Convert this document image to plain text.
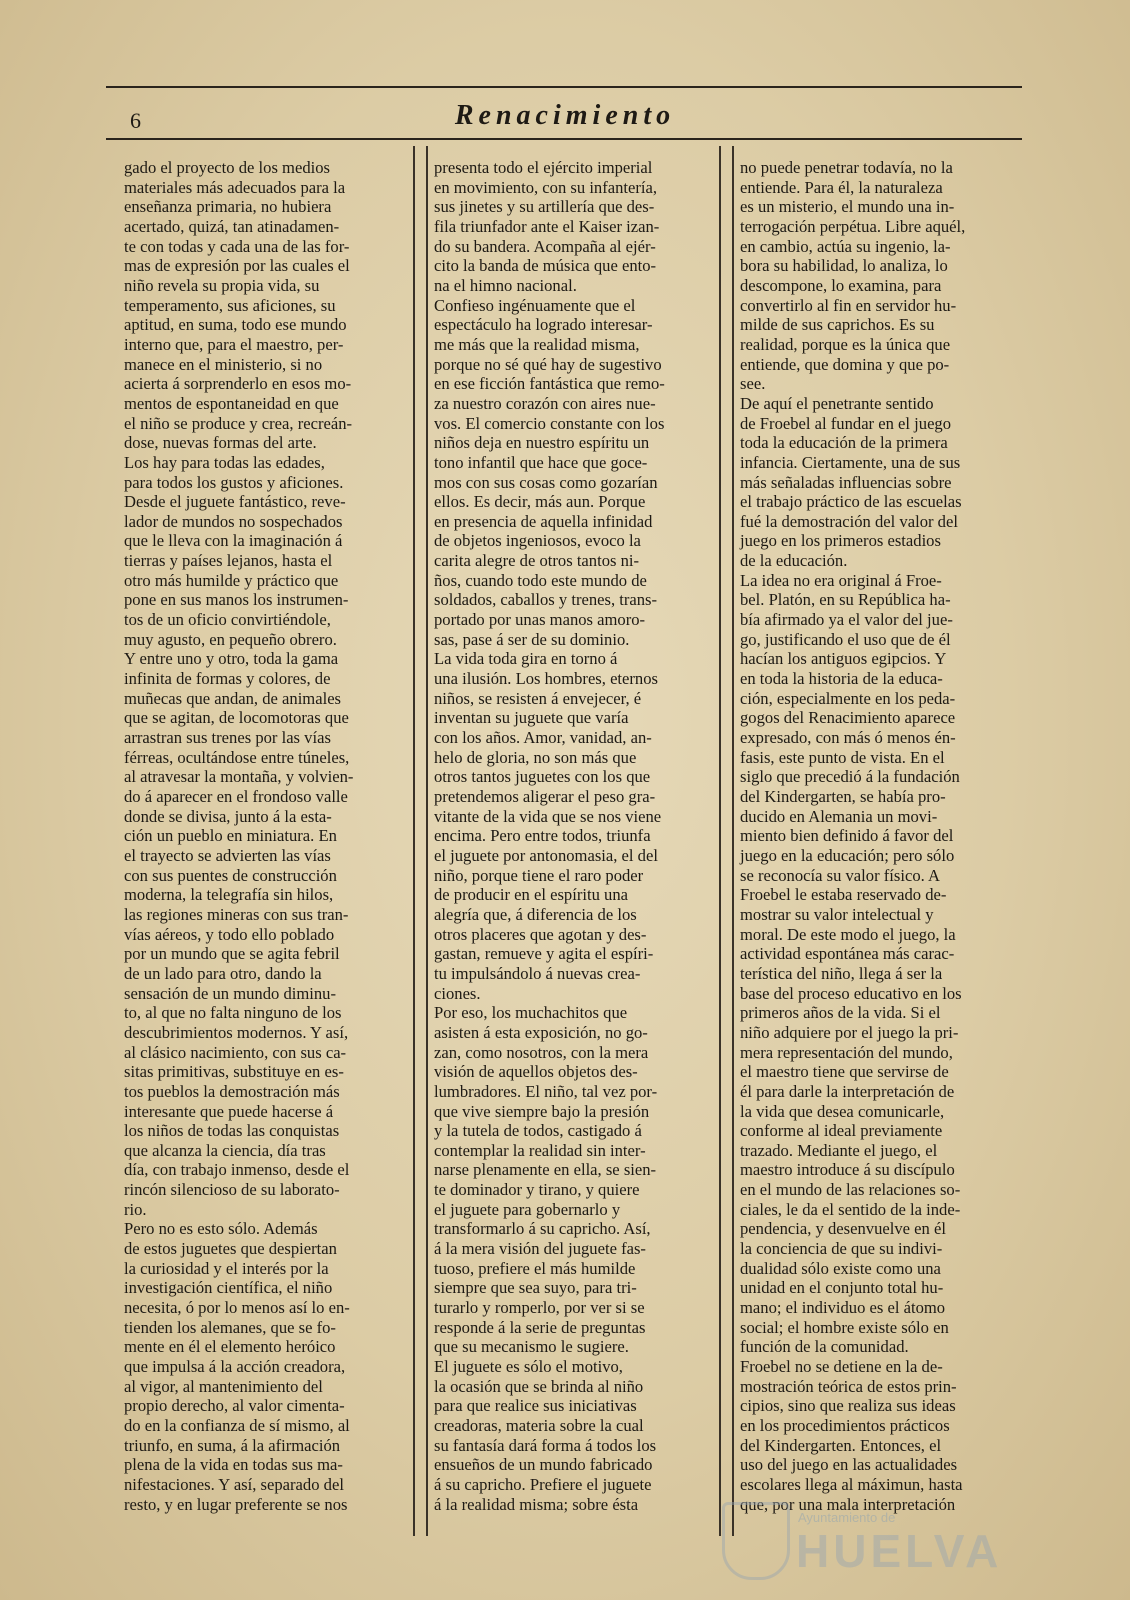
6	Renacimiento

gado el proyecto de los medios

materiales más adecuados para la

enseñanza primaria, no hubiera

acertado, quizá, tan atinadamen-

te con todas y cada una de las for-

mas de expresión por las cuales el

niño revela su propia vida, su

temperamento, sus aficiones, su

aptitud, en suma, todo ese mundo

interno que, para el maestro, per-

manece en el ministerio, si no

acierta á sorprenderlo en esos mo-

mentos de espontaneidad en que

el niño se produce y crea, recreán-

dose, nuevas formas del arte.

Los hay para todas las edades,

para todos los gustos y aficiones.

Desde el juguete fantástico, reve-

lador de mundos no sospechados

que le lleva con la imaginación á

tierras y países lejanos, hasta el

otro más humilde y práctico que

pone en sus manos los instrumen-

tos de un oficio convirtiéndole,

muy agusto, en pequeño obrero.

Y entre uno y otro, toda la gama

infinita de formas y colores, de

muñecas que andan, de animales

que se agitan, de locomotoras que

arrastran sus trenes por las vías

férreas, ocultándose entre túneles,

al atravesar la montaña, y volvien-

do á aparecer en el frondoso valle

donde se divisa, junto á la esta-

ción un pueblo en miniatura. En

el trayecto se advierten las vías

con sus puentes de construcción

moderna, la telegrafía sin hilos,

las regiones mineras con sus tran-

vías aéreos, y todo ello poblado

por un mundo que se agita febril

de un lado para otro, dando la

sensación de un mundo diminu-

to, al que no falta ninguno de los

descubrimientos modernos. Y así,

al clásico nacimiento, con sus ca-

sitas primitivas, substituye en es-

tos pueblos la demostración más

interesante que puede hacerse á

los niños de todas las conquistas

que alcanza la ciencia, día tras

día, con trabajo inmenso, desde el

rincón silencioso de su laborato-

rio.

Pero no es esto sólo. Además

de estos juguetes que despiertan

la curiosidad y el interés por la

investigación científica, el niño

necesita, ó por lo menos así lo en-

tienden los alemanes, que se fo-

mente en él el elemento heróico

que impulsa á la acción creadora,

al vigor, al mantenimiento del

propio derecho, al valor cimenta-

do en la confianza de sí mismo, al

triunfo, en suma, á la afirmación

plena de la vida en todas sus ma-

nifestaciones. Y así, separado del

resto, y en lugar preferente se nos

presenta todo el ejército imperial

en movimiento, con su infantería,

sus jinetes y su artillería que des-

fila triunfador ante el Kaiser izan-

do su bandera. Acompaña al ejér-

cito la banda de música que ento-

na el himno nacional.

Confieso ingénuamente que el

espectáculo ha logrado interesar-

me más que la realidad misma,

porque no sé qué hay de sugestivo

en ese ficción fantástica que remo-

za nuestro corazón con aires nue-

vos. El comercio constante con los

niños deja en nuestro espíritu un

tono infantil que hace que goce-

mos con sus cosas como gozarían

ellos. Es decir, más aun. Porque

en presencia de aquella infinidad

de objetos ingeniosos, evoco la

carita alegre de otros tantos ni-

ños, cuando todo este mundo de

soldados, caballos y trenes, trans-

portado por unas manos amoro-

sas, pase á ser de su dominio.

La vida toda gira en torno á

una ilusión. Los hombres, eternos

niños, se resisten á envejecer, é

inventan su juguete que varía

con los años. Amor, vanidad, an-

helo de gloria, no son más que

otros tantos juguetes con los que

pretendemos aligerar el peso gra-

vitante de la vida que se nos viene

encima. Pero entre todos, triunfa

el juguete por antonomasia, el del

niño, porque tiene el raro poder

de producir en el espíritu una

alegría que, á diferencia de los

otros placeres que agotan y des-

gastan, remueve y agita el espíri-

tu impulsándolo á nuevas crea-

ciones.

Por eso, los muchachitos que

asisten á esta exposición, no go-

zan, como nosotros, con la mera

visión de aquellos objetos des-

lumbradores. El niño, tal vez por-

que vive siempre bajo la presión

y la tutela de todos, castigado á

contemplar la realidad sin inter-

narse plenamente en ella, se sien-

te dominador y tirano, y quiere

el juguete para gobernarlo y

transformarlo á su capricho. Así,

á la mera visión del juguete fas-

tuoso, prefiere el más humilde

siempre que sea suyo, para tri-

turarlo y romperlo, por ver si se

responde á la serie de preguntas

que su mecanismo le sugiere.

El juguete es sólo el motivo,

la ocasión que se brinda al niño

para que realice sus iniciativas

creadoras, materia sobre la cual

su fantasía dará forma á todos los

ensueños de un mundo fabricado

á su capricho. Prefiere el juguete

á la realidad misma; sobre ésta

no puede penetrar todavía, no la

entiende. Para él, la naturaleza

es un misterio, el mundo una in-

terrogación perpétua. Libre aquél,

en cambio, actúa su ingenio, la-

bora su habilidad, lo analiza, lo

descompone, lo examina, para

convertirlo al fin en servidor hu-

milde de sus caprichos. Es su

realidad, porque es la única que

entiende, que domina y que po-

see.

De aquí el penetrante sentido

de Froebel al fundar en el juego

toda la educación de la primera

infancia. Ciertamente, una de sus

más señaladas influencias sobre

el trabajo práctico de las escuelas

fué la demostración del valor del

juego en los primeros estadios

de la educación.

La idea no era original á Froe-

bel. Platón, en su República ha-

bía afirmado ya el valor del jue-

go, justificando el uso que de él

hacían los antiguos egipcios. Y

en toda la historia de la educa-

ción, especialmente en los peda-

gogos del Renacimiento aparece

expresado, con más ó menos én-

fasis, este punto de vista. En el

siglo que precedió á la fundación

del Kindergarten, se había pro-

ducido en Alemania un movi-

miento bien definido á favor del

juego en la educación; pero sólo

se reconocía su valor físico. A

Froebel le estaba reservado de-

mostrar su valor intelectual y

moral. De este modo el juego, la

actividad espontánea más carac-

terística del niño, llega á ser la

base del proceso educativo en los

primeros años de la vida. Si el

niño adquiere por el juego la pri-

mera representación del mundo,

el maestro tiene que servirse de

él para darle la interpretación de

la vida que desea comunicarle,

conforme al ideal previamente

trazado. Mediante el juego, el

maestro introduce á su discípulo

en el mundo de las relaciones so-

ciales, le da el sentido de la inde-

pendencia, y desenvuelve en él

la conciencia de que su indivi-

dualidad sólo existe como una

unidad en el conjunto total hu-

mano; el individuo es el átomo

social; el hombre existe sólo en

función de la comunidad.

Froebel no se detiene en la de-

mostración teórica de estos prin-

cipios, sino que realiza sus ideas

en los procedimientos prácticos

del Kindergarten. Entonces, el

uso del juego en las actualidades

escolares llega al máximun, hasta

que, por una mala interpretación

Ayuntamiento de
HUELVA
